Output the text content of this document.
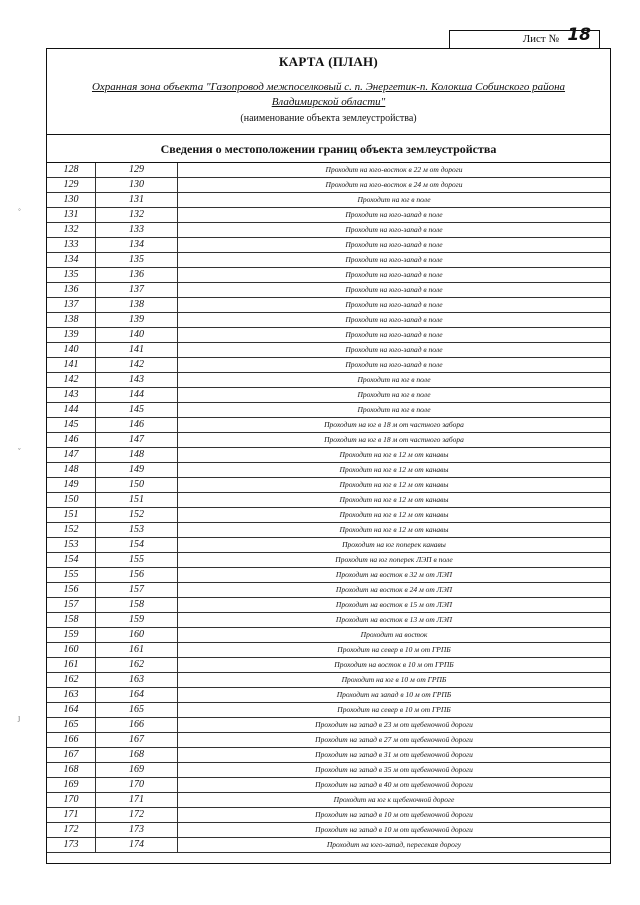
Лист № 18
КАРТА (ПЛАН)
Охранная зона объекта "Газопровод межпоселковый с. п. Энергетик-п. Колокша Собинского района Владимирской области"
(наименование объекта землеустройства)
Сведения о местоположении границ объекта землеустройства
128	129	Проходит на юго-восток в 22 м от дороги
129	130	Проходит на юго-восток в 24 м от дороги
130	131	Проходит на юг в поле
131	132	Проходит на юго-запад в поле
132	133	Проходит на юго-запад в поле
133	134	Проходит на юго-запад в поле
134	135	Проходит на юго-запад в поле
135	136	Проходит на юго-запад в поле
136	137	Проходит на юго-запад в поле
137	138	Проходит на юго-запад в поле
138	139	Проходит на юго-запад в поле
139	140	Проходит на юго-запад в поле
140	141	Проходит на юго-запад в поле
141	142	Проходит на юго-запад в поле
142	143	Проходит на юг в поле
143	144	Проходит на юг в поле
144	145	Проходит на юг в поле
145	146	Проходит на юг в 18 м от частного забора
146	147	Проходит на юг в 18 м от частного забора
147	148	Проходит на юг в 12 м от канавы
148	149	Проходит на юг в 12 м от канавы
149	150	Проходит на юг в 12 м от канавы
150	151	Проходит на юг в 12 м от канавы
151	152	Проходит на юг в 12 м от канавы
152	153	Проходит на юг в 12 м от канавы
153	154	Проходит на юг поперек канавы
154	155	Проходит на юг поперек ЛЭП в поле
155	156	Проходит на восток в 32 м от ЛЭП
156	157	Проходит на восток в 24 м от ЛЭП
157	158	Проходит на восток в 15 м от ЛЭП
158	159	Проходит на восток в 13 м от ЛЭП
159	160	Проходит на восток
160	161	Проходит на север в 10 м от ГРПБ
161	162	Проходит на восток в 10 м от ГРПБ
162	163	Проходит на юг в 10 м от ГРПБ
163	164	Проходит на запад в 10 м от ГРПБ
164	165	Проходит на север в 10 м от ГРПБ
165	166	Проходит на запад в 23 м от щебеночной дороги
166	167	Проходит на запад в 27 м от щебеночной дороги
167	168	Проходит на запад в 31 м от щебеночной дороги
168	169	Проходит на запад в 35 м от щебеночной дороги
169	170	Проходит на запад в 40 м от щебеночной дороги
170	171	Проходит на юг к щебеночной дороге
171	172	Проходит на запад в 10 м от щебеночной дороги
172	173	Проходит на запад в 10 м от щебеночной дороги
173	174	Проходит на юго-запад, пересекая дорогу
◦
ˇ
ȷ
